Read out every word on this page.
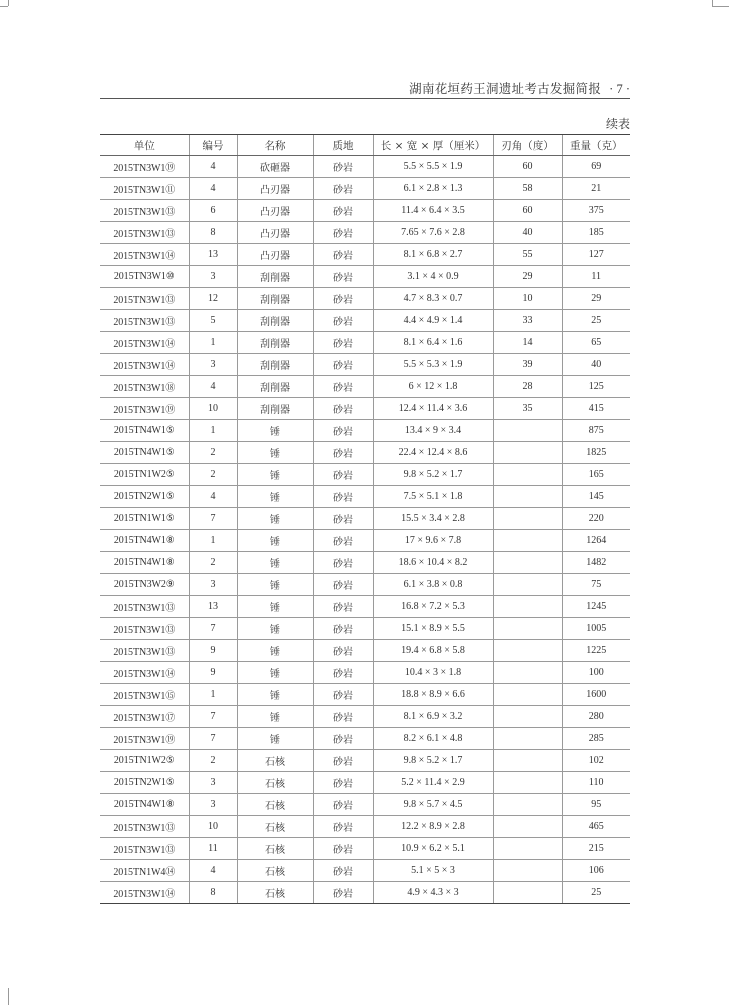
湖南花垣药王洞遗址考古发掘简报 · 7 ·
续表
单位	编号	名称	质地	长 × 宽 × 厚（厘米）	刃角（度）	重量（克）
2015TN3W1⑲	4	砍砸器	砂岩	5.5 × 5.5 × 1.9	60	69
2015TN3W1⑪	4	凸刃器	砂岩	6.1 × 2.8 × 1.3	58	21
2015TN3W1⑬	6	凸刃器	砂岩	11.4 × 6.4 × 3.5	60	375
2015TN3W1⑬	8	凸刃器	砂岩	7.65 × 7.6 × 2.8	40	185
2015TN3W1⑭	13	凸刃器	砂岩	8.1 × 6.8 × 2.7	55	127
2015TN3W1⑩	3	刮削器	砂岩	3.1 × 4 × 0.9	29	11
2015TN3W1⑬	12	刮削器	砂岩	4.7 × 8.3 × 0.7	10	29
2015TN3W1⑬	5	刮削器	砂岩	4.4 × 4.9 × 1.4	33	25
2015TN3W1⑭	1	刮削器	砂岩	8.1 × 6.4 × 1.6	14	65
2015TN3W1⑭	3	刮削器	砂岩	5.5 × 5.3 × 1.9	39	40
2015TN3W1⑱	4	刮削器	砂岩	6 × 12 × 1.8	28	125
2015TN3W1⑲	10	刮削器	砂岩	12.4 × 11.4 × 3.6	35	415
2015TN4W1⑤	1	锤	砂岩	13.4 × 9 × 3.4		875
2015TN4W1⑤	2	锤	砂岩	22.4 × 12.4 × 8.6		1825
2015TN1W2⑤	2	锤	砂岩	9.8 × 5.2 × 1.7		165
2015TN2W1⑤	4	锤	砂岩	7.5 × 5.1 × 1.8		145
2015TN1W1⑤	7	锤	砂岩	15.5 × 3.4 × 2.8		220
2015TN4W1⑧	1	锤	砂岩	17 × 9.6 × 7.8		1264
2015TN4W1⑧	2	锤	砂岩	18.6 × 10.4 × 8.2		1482
2015TN3W2⑨	3	锤	砂岩	6.1 × 3.8 × 0.8		75
2015TN3W1⑬	13	锤	砂岩	16.8 × 7.2 × 5.3		1245
2015TN3W1⑬	7	锤	砂岩	15.1 × 8.9 × 5.5		1005
2015TN3W1⑬	9	锤	砂岩	19.4 × 6.8 × 5.8		1225
2015TN3W1⑭	9	锤	砂岩	10.4 × 3 × 1.8		100
2015TN3W1⑮	1	锤	砂岩	18.8 × 8.9 × 6.6		1600
2015TN3W1⑰	7	锤	砂岩	8.1 × 6.9 × 3.2		280
2015TN3W1⑲	7	锤	砂岩	8.2 × 6.1 × 4.8		285
2015TN1W2⑤	2	石核	砂岩	9.8 × 5.2 × 1.7		102
2015TN2W1⑤	3	石核	砂岩	5.2 × 11.4 × 2.9		110
2015TN4W1⑧	3	石核	砂岩	9.8 × 5.7 × 4.5		95
2015TN3W1⑬	10	石核	砂岩	12.2 × 8.9 × 2.8		465
2015TN3W1⑬	11	石核	砂岩	10.9 × 6.2 × 5.1		215
2015TN1W4⑭	4	石核	砂岩	5.1 × 5 × 3		106
2015TN3W1⑭	8	石核	砂岩	4.9 × 4.3 × 3		25
